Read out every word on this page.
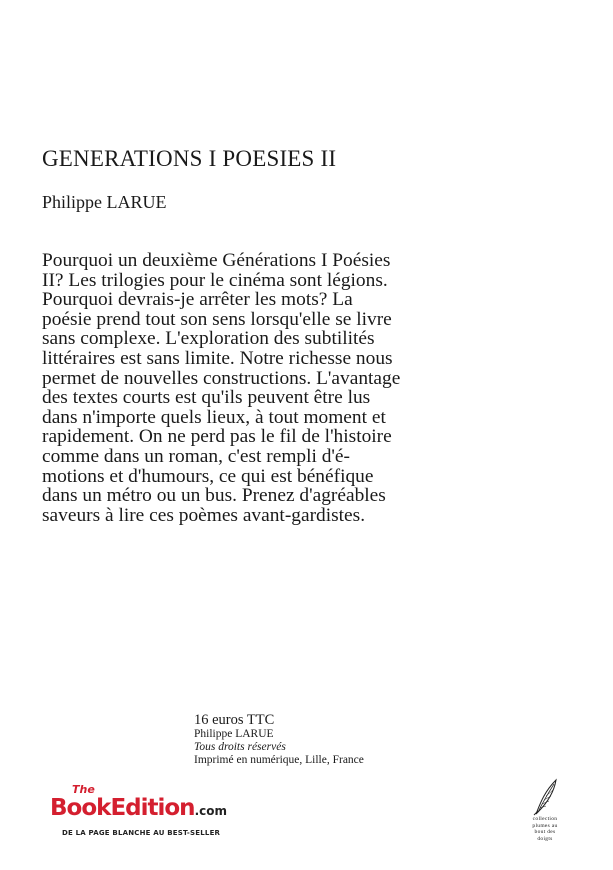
GENERATIONS I POESIES II

Philippe LARUE

Pourquoi un deuxième Générations I Poésies
II? Les trilogies pour le cinéma sont légions.
Pourquoi devrais-je arrêter les mots? La
poésie prend tout son sens lorsqu'elle se livre
sans complexe. L'exploration des subtilités
littéraires est sans limite. Notre richesse nous
permet de nouvelles constructions. L'avantage
des textes courts est qu'ils peuvent être lus
dans n'importe quels lieux, à tout moment et
rapidement. On ne perd pas le fil de l'histoire
comme dans un roman, c'est rempli d'é-
motions et d'humours, ce qui est bénéfique
dans un métro ou un bus. Prenez d'agréables
saveurs à lire ces poèmes avant-gardistes.

16 euros TTC
Philippe LARUE
Tous droits réservés
Imprimé en numérique, Lille, France
The
BookEdition.com
DE LA PAGE BLANCHE AU BEST-SELLER
collection
plumes au
bout des
doigts
